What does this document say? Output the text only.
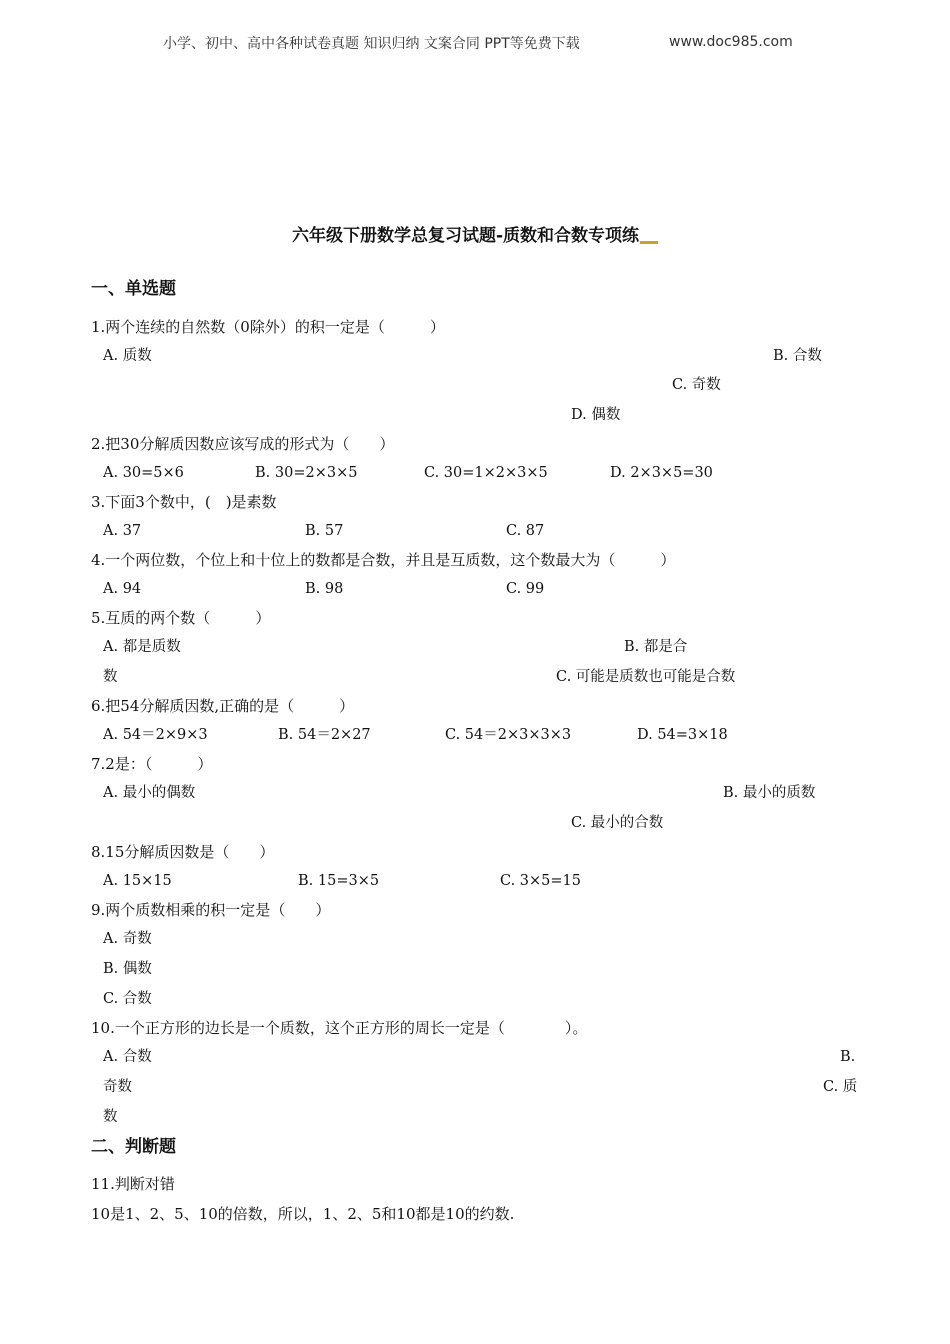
小学、初中、高中各种试卷真题 知识归纳 文案合同 PPT等免费下载	www.doc985.com
六年级下册数学总复习试题-质数和合数专项练
一、单选题
1.两个连续的自然数（0除外）的积一定是（　　　）
A. 质数	B. 合数
C. 奇数
D. 偶数
2.把30分解质因数应该写成的形式为（　　）
A. 30=5×6	B. 30=2×3×5	C. 30=1×2×3×5	D. 2×3×5=30
3.下面3个数中，(　)是素数
A. 37	B. 57	C. 87
4.一个两位数，个位上和十位上的数都是合数，并且是互质数，这个数最大为（　　　）
A. 94	B. 98	C. 99
5.互质的两个数（　　　）
A. 都是质数	B. 都是合
数	C. 可能是质数也可能是合数
6.把54分解质因数,正确的是（　　　）
A. 54＝2×9×3	B. 54＝2×27	C. 54＝2×3×3×3	D. 54=3×18
7.2是：（　　　）
A. 最小的偶数	B. 最小的质数
C. 最小的合数
8.15分解质因数是（　　）
A. 15×15	B. 15=3×5	C. 3×5=15
9.两个质数相乘的积一定是（　　）
A. 奇数
B. 偶数
C. 合数
10.一个正方形的边长是一个质数，这个正方形的周长一定是（　　　　）。
A. 合数	B.
奇数	C. 质
数
二、判断题
11.判断对错
10是1、2、5、10的倍数，所以，1、2、5和10都是10的约数.
